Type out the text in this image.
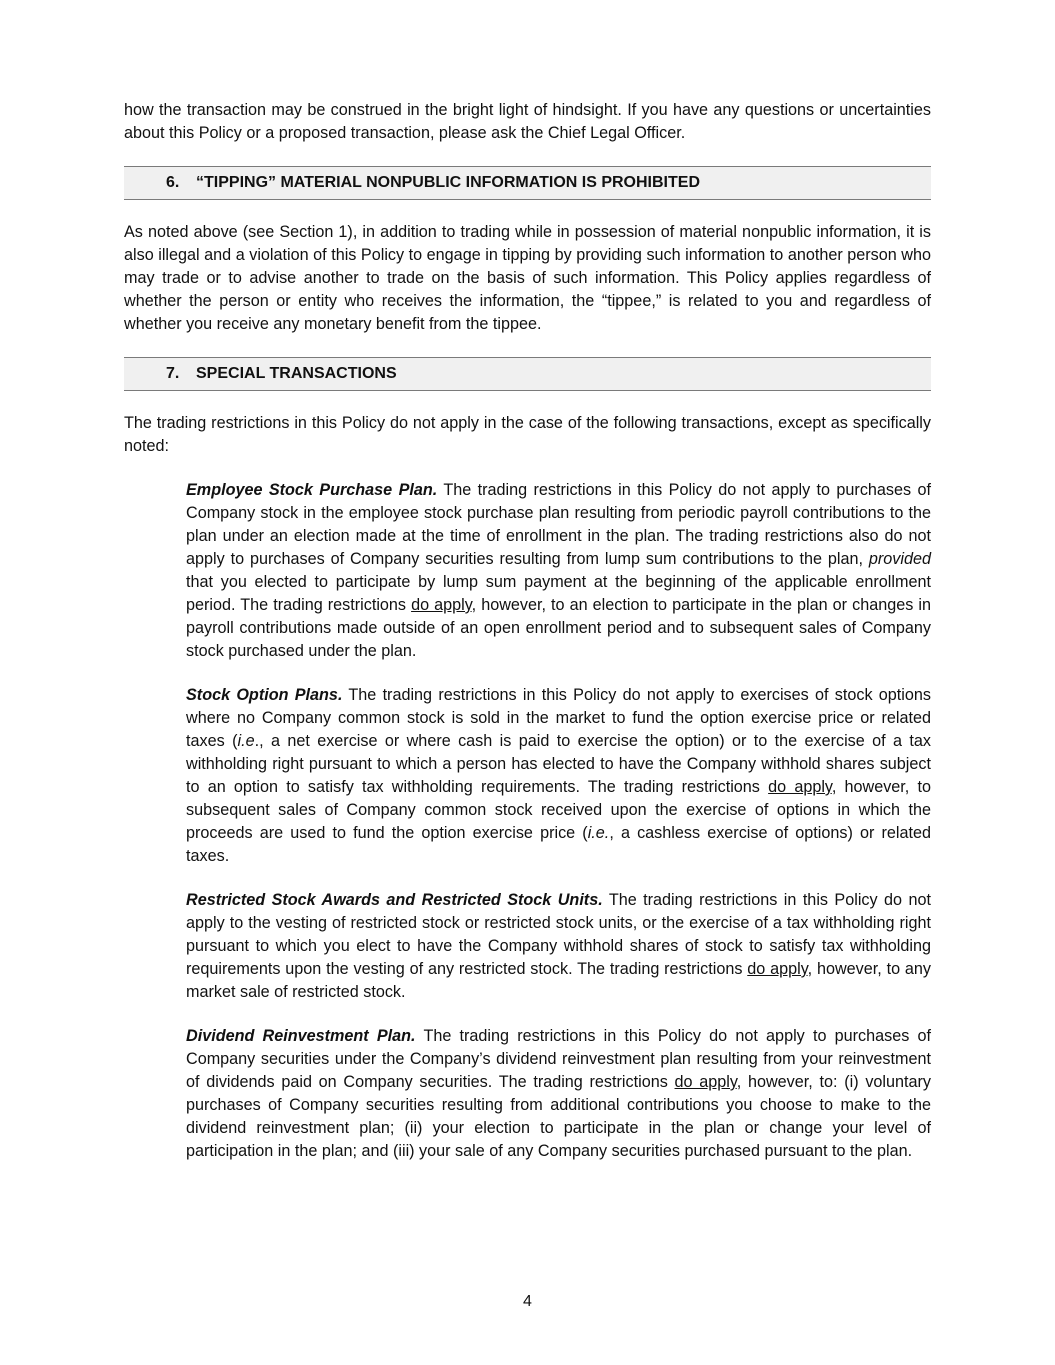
how the transaction may be construed in the bright light of hindsight. If you have any questions or uncertainties about this Policy or a proposed transaction, please ask the Chief Legal Officer.

6.	“TIPPING” MATERIAL NONPUBLIC INFORMATION IS PROHIBITED

As noted above (see Section 1), in addition to trading while in possession of material nonpublic information, it is also illegal and a violation of this Policy to engage in tipping by providing such information to another person who may trade or to advise another to trade on the basis of such information. This Policy applies regardless of whether the person or entity who receives the information, the “tippee,” is related to you and regardless of whether you receive any monetary benefit from the tippee.

7.	SPECIAL TRANSACTIONS

The trading restrictions in this Policy do not apply in the case of the following transactions, except as specifically noted:

Employee Stock Purchase Plan. The trading restrictions in this Policy do not apply to purchases of Company stock in the employee stock purchase plan resulting from periodic payroll contributions to the plan under an election made at the time of enrollment in the plan. The trading restrictions also do not apply to purchases of Company securities resulting from lump sum contributions to the plan, provided that you elected to participate by lump sum payment at the beginning of the applicable enrollment period. The trading restrictions do apply, however, to an election to participate in the plan or changes in payroll contributions made outside of an open enrollment period and to subsequent sales of Company stock purchased under the plan.

Stock Option Plans. The trading restrictions in this Policy do not apply to exercises of stock options where no Company common stock is sold in the market to fund the option exercise price or related taxes (i.e., a net exercise or where cash is paid to exercise the option) or to the exercise of a tax withholding right pursuant to which a person has elected to have the Company withhold shares subject to an option to satisfy tax withholding requirements. The trading restrictions do apply, however, to subsequent sales of Company common stock received upon the exercise of options in which the proceeds are used to fund the option exercise price (i.e., a cashless exercise of options) or related taxes.

Restricted Stock Awards and Restricted Stock Units. The trading restrictions in this Policy do not apply to the vesting of restricted stock or restricted stock units, or the exercise of a tax withholding right pursuant to which you elect to have the Company withhold shares of stock to satisfy tax withholding requirements upon the vesting of any restricted stock. The trading restrictions do apply, however, to any market sale of restricted stock.

Dividend Reinvestment Plan. The trading restrictions in this Policy do not apply to purchases of Company securities under the Company’s dividend reinvestment plan resulting from your reinvestment of dividends paid on Company securities. The trading restrictions do apply, however, to: (i) voluntary purchases of Company securities resulting from additional contributions you choose to make to the dividend reinvestment plan; (ii) your election to participate in the plan or change your level of participation in the plan; and (iii) your sale of any Company securities purchased pursuant to the plan.

4
